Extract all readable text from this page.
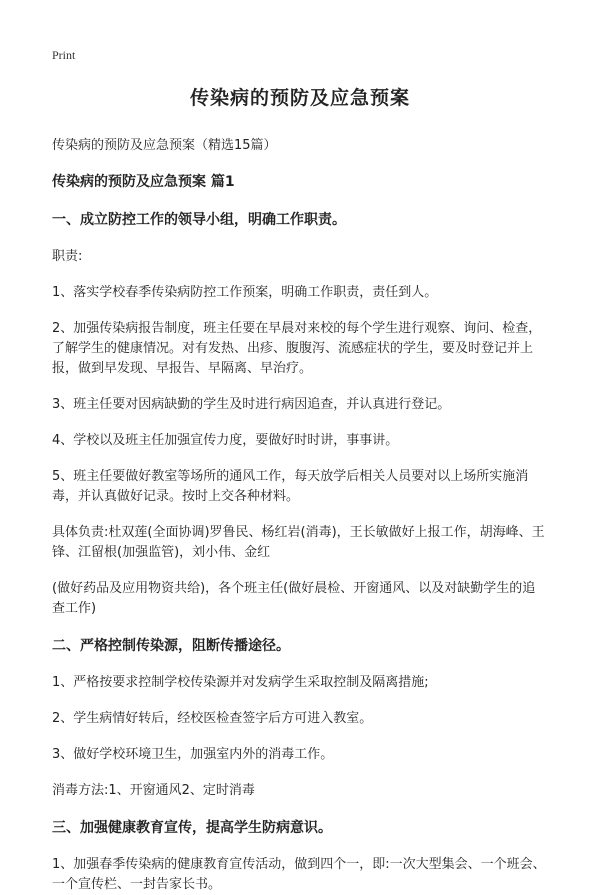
Print
传染病的预防及应急预案
传染病的预防及应急预案（精选15篇）
传染病的预防及应急预案 篇1
一、成立防控工作的领导小组，明确工作职责。

职责:

1、落实学校春季传染病防控工作预案，明确工作职责，责任到人。

2、加强传染病报告制度，班主任要在早晨对来校的每个学生进行观察、询问、检查，了解学生的健康情况。对有发热、出疹、腹腹泻、流感症状的学生，要及时登记并上报，做到早发现、早报告、早隔离、早治疗。

3、班主任要对因病缺勤的学生及时进行病因追查，并认真进行登记。

4、学校以及班主任加强宣传力度，要做好时时讲，事事讲。

5、班主任要做好教室等场所的通风工作，每天放学后相关人员要对以上场所实施消毒，并认真做好记录。按时上交各种材料。

具体负责:杜双莲(全面协调)罗鲁民、杨红岩(消毒)，王长敏做好上报工作，胡海峰、王锋、江留根(加强监管)，刘小伟、金红

(做好药品及应用物资共给)，各个班主任(做好晨检、开窗通风、以及对缺勤学生的追查工作)

二、严格控制传染源，阻断传播途径。

1、严格按要求控制学校传染源并对发病学生采取控制及隔离措施;

2、学生病情好转后，经校医检查签字后方可进入教室。

3、做好学校环境卫生，加强室内外的消毒工作。

消毒方法:1、开窗通风2、定时消毒

三、加强健康教育宣传，提高学生防病意识。

1、加强春季传染病的健康教育宣传活动，做到四个一，即:一次大型集会、一个班会、一个宣传栏、一封告家长书。
